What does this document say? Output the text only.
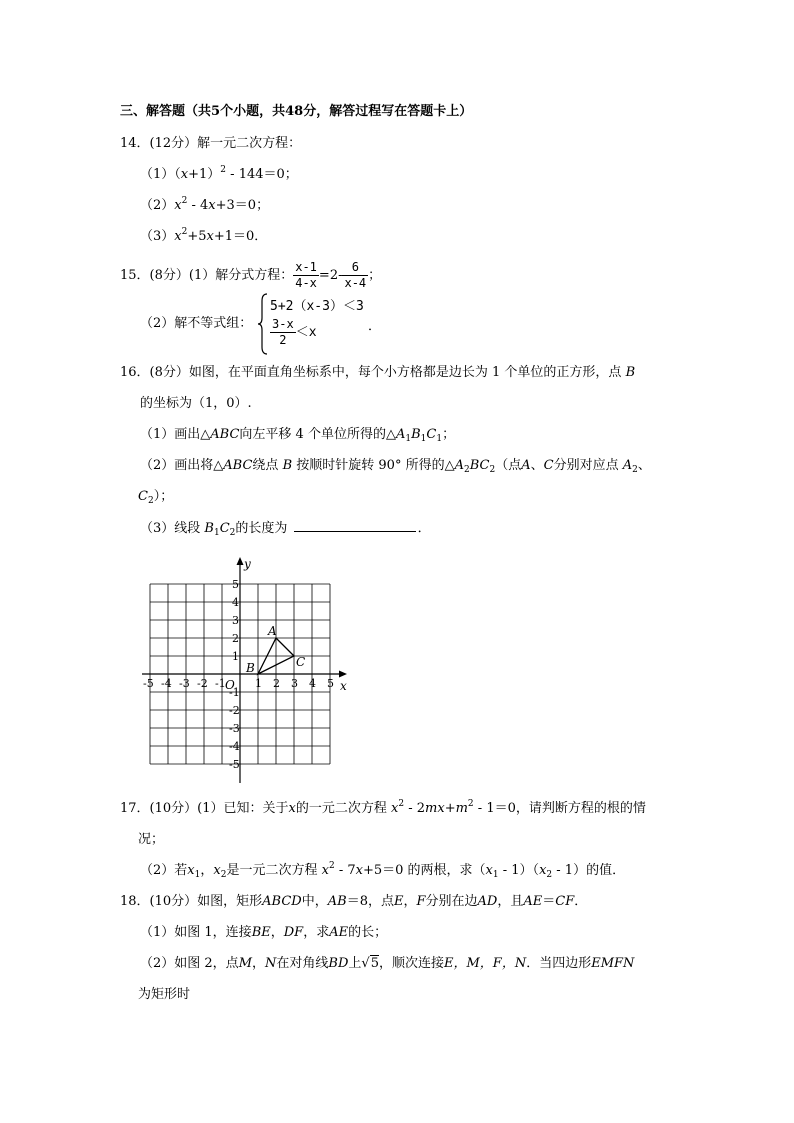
三、解答题（共5个小题，共48分，解答过程写在答题卡上）
14．(12分）解一元二次方程：
$(1)(x+1)^2 - 144=0$；
$(2)x^2 - 4x+3=0$；
$(3)x^2+5x+1=0$．
15．(8分）(1）解分式方程： $\frac{x-1}{4-x} =2- \frac{6}{x-4}$ ；
（2）解不等式组：
5+2（x-3）＜3
$\frac{3-x}{2} <x$	．
16．(8分）如图，在平面直角坐标系中，每个小方格都是边长为 1 个单位的正方形，点 B
的坐标为（1，0）.
（1）画出△ABC向左平移 4 个单位所得的$\triangle A_1B_1C_1$；
（2）画出将△ABC绕点 B 按顺时针旋转 90° 所得的$\triangle A_2BC_2$（点A、C分别对应点 $A_2$、
$C_2$）；
（3）线段 $B_1C_2$的长度为	．
x
y
O
-5 -4 -3 -2 -1	1 2 3 4 5
5
4
3
2
1
-1
-2
-3
-4
-5
A
B	C
17．(10分）(1）已知：关于x的一元二次方程 $x^2 - 2mx+m^2 - 1=0$，请判断方程的根的情
况；
（2）若$x_1$，$x_2$是一元二次方程 $x^2 - 7x+5=0$ 的两根，求$(x_1 - 1)(x_2 - 1)$的值．
18．(10分）如图，矩形ABCD中，AB＝8，点E，F分别在边AD，且AE＝CF．
（1）如图 1，连接BE，DF，求AE的长；
（2）如图 2，点M，N在对角线BD上√5，顺次连接E，M，F，N．当四边形EMFN
为矩形时
